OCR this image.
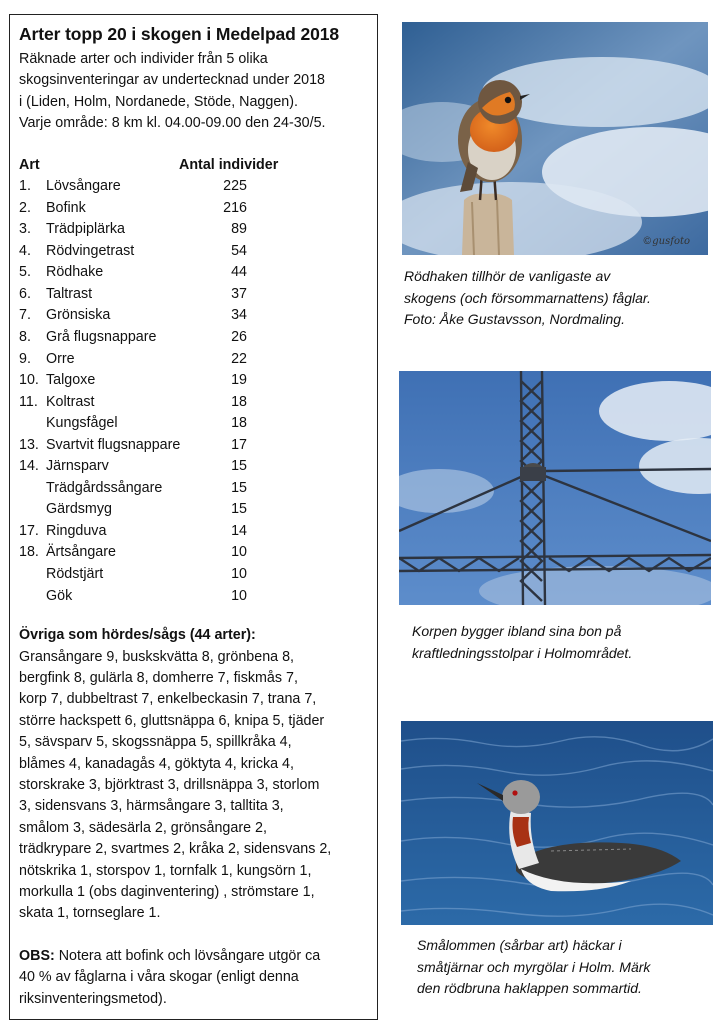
Arter topp 20 i skogen i Medelpad 2018
Räknade arter och individer från 5 olika
skogsinventeringar av undertecknad under 2018
i (Liden, Holm, Nordanede, Stöde, Naggen).
Varje område: 8 km kl. 04.00-09.00 den 24-30/5.
Art	Antal individer
1. Lövsångare	225
2. Bofink	216
3. Trädpiplärka	89
4. Rödvingetrast	54
5. Rödhake	44
6. Taltrast	37
7. Grönsiska	34
8. Grå flugsnappare	26
9. Orre	22
10. Talgoxe	19
11. Koltrast	18
Kungsfågel	18
13. Svartvit flugsnappare	17
14. Järnsparv	15
Trädgårdssångare	15
Gärdsmyg	15
17. Ringduva	14
18. Ärtsångare	10
Rödstjärt	10
Gök	10
Övriga som hördes/sågs (44 arter):
Gransångare 9, buskskvätta 8, grönbena 8,
bergfink 8, gulärla 8, domherre 7, fiskmås 7,
korp 7, dubbeltrast 7, enkelbeckasin 7, trana 7,
större hackspett 6, gluttsnäppa 6, knipa 5, tjäder
5, sävsparv 5, skogssnäppa 5, spillkråka 4,
blåmes 4, kanadagås 4, göktyta 4, kricka 4,
storskrake 3, björktrast 3, drillsnäppa 3, storlom
3, sidensvans 3, härmsångare 3, talltita 3,
smålom 3, sädesärla 2, grönsångare 2,
trädkrypare 2, svartmes 2, kråka 2, sidensvans 2,
nötskrika 1, storspov 1, tornfalk 1, kungsörn 1,
morkulla 1 (obs daginventering) , strömstare 1,
skata 1, tornseglare 1.
OBS: Notera att bofink och lövsångare utgör ca
40 % av fåglarna i våra skogar (enligt denna
riksinventeringsmetod).
©gusfoto
Rödhaken tillhör de vanligaste av
skogens (och försommarnattens) fåglar.
Foto: Åke Gustavsson, Nordmaling.
Korpen bygger ibland sina bon på
kraftledningsstolpar i Holmområdet.
Smålommen (sårbar art) häckar i
småtjärnar och myrgölar i Holm. Märk
den rödbruna haklappen sommartid.
